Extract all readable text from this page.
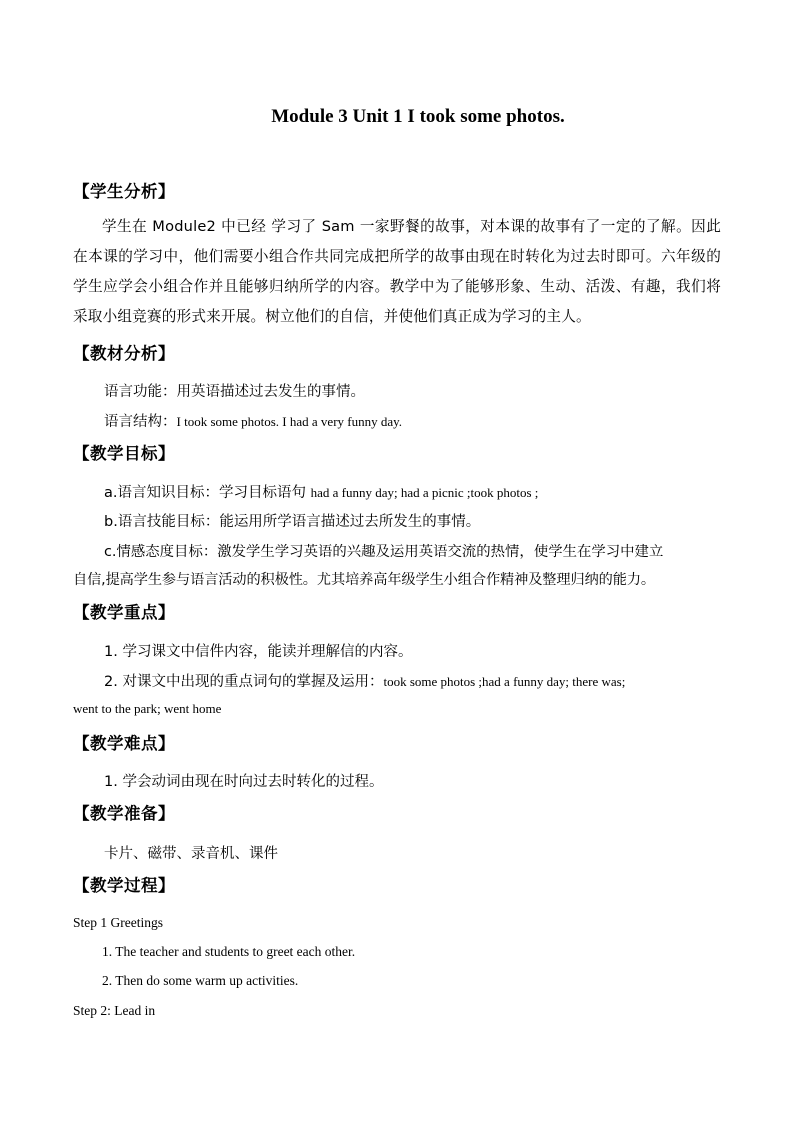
Module 3 Unit 1 I took some photos.
【学生分析】
学生在 Module2 中已经 学习了 Sam 一家野餐的故事，对本课的故事有了一定的了解。因此在本课的学习中，他们需要小组合作共同完成把所学的故事由现在时转化为过去时即可。六年级的学生应学会小组合作并且能够归纳所学的内容。教学中为了能够形象、生动、活泼、有趣，我们将采取小组竞赛的形式来开展。树立他们的自信，并使他们真正成为学习的主人。
【教材分析】
语言功能：用英语描述过去发生的事情。
语言结构：I took some photos. I had a very funny day.
【教学目标】
a.语言知识目标：学习目标语句 had a funny day; had a picnic ;took photos ;
b.语言技能目标：能运用所学语言描述过去所发生的事情。
c.情感态度目标：激发学生学习英语的兴趣及运用英语交流的热情，使学生在学习中建立
自信,提高学生参与语言活动的积极性。尤其培养高年级学生小组合作精神及整理归纳的能力。
【教学重点】
1. 学习课文中信件内容，能读并理解信的内容。
2. 对课文中出现的重点词句的掌握及运用：took some photos ;had a funny day; there was;
went to the park; went home
【教学难点】
1. 学会动词由现在时向过去时转化的过程。
【教学准备】
卡片、磁带、录音机、课件
【教学过程】
Step 1 Greetings
1. The teacher and students to greet each other.
2. Then do some warm up activities.
Step 2: Lead in
